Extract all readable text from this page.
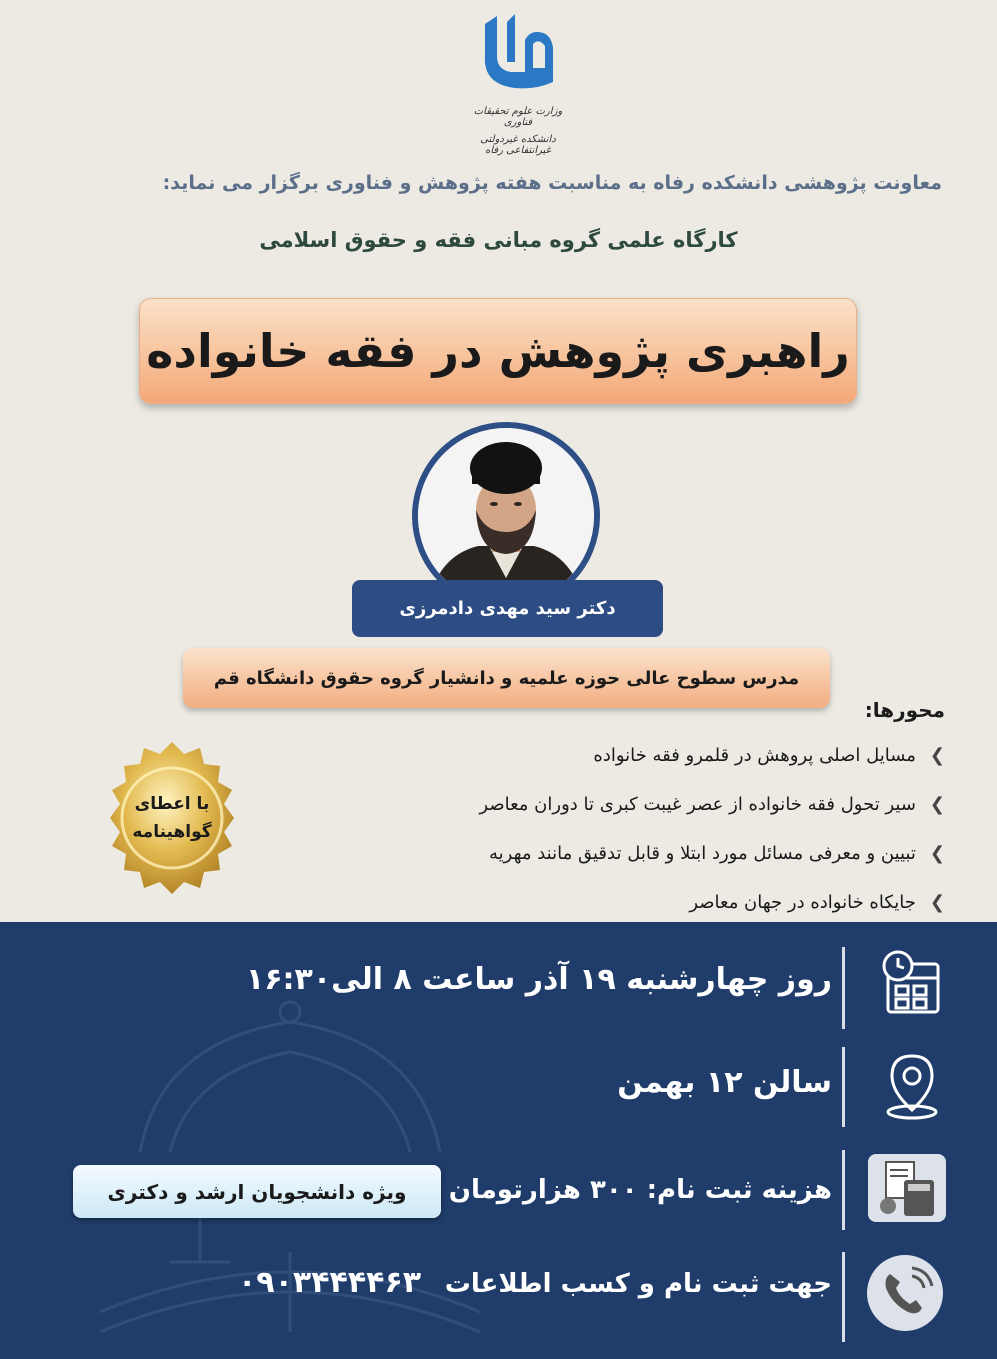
وزارت علوم تحقیقات فناوری
دانشکده غیردولتی غیرانتفاعی رفاه
معاونت پژوهشی دانشکده رفاه به مناسبت هفته پژوهش و فناوری برگزار می نماید:
کارگاه علمی گروه مبانی فقه و حقوق اسلامی
راهبری پژوهش در فقه خانواده
دکتر سید مهدی دادمرزی
مدرس سطوح عالی حوزه علمیه و دانشیار گروه حقوق دانشگاه قم
محورها:
❯
مسایل اصلی پروهش در قلمرو فقه خانواده
❯
سیر تحول فقه خانواده از عصر غیبت کبری تا دوران معاصر
❯
تبیین و معرفی مسائل مورد ابتلا و قابل تدقیق مانند مهریه
❯
جایکاه خانواده در جهان معاصر
با اعطای
گواهینامه
روز چهارشنبه ۱۹ آذر ساعت ۸ الی۱۶:۳۰
سالن ۱۲ بهمن
هزینه ثبت نام: ۳۰۰ هزارتومان
جهت ثبت نام و کسب اطلاعات
۰۹۰۳۴۴۴۴۶۳
ویژه دانشجویان ارشد و دکتری
